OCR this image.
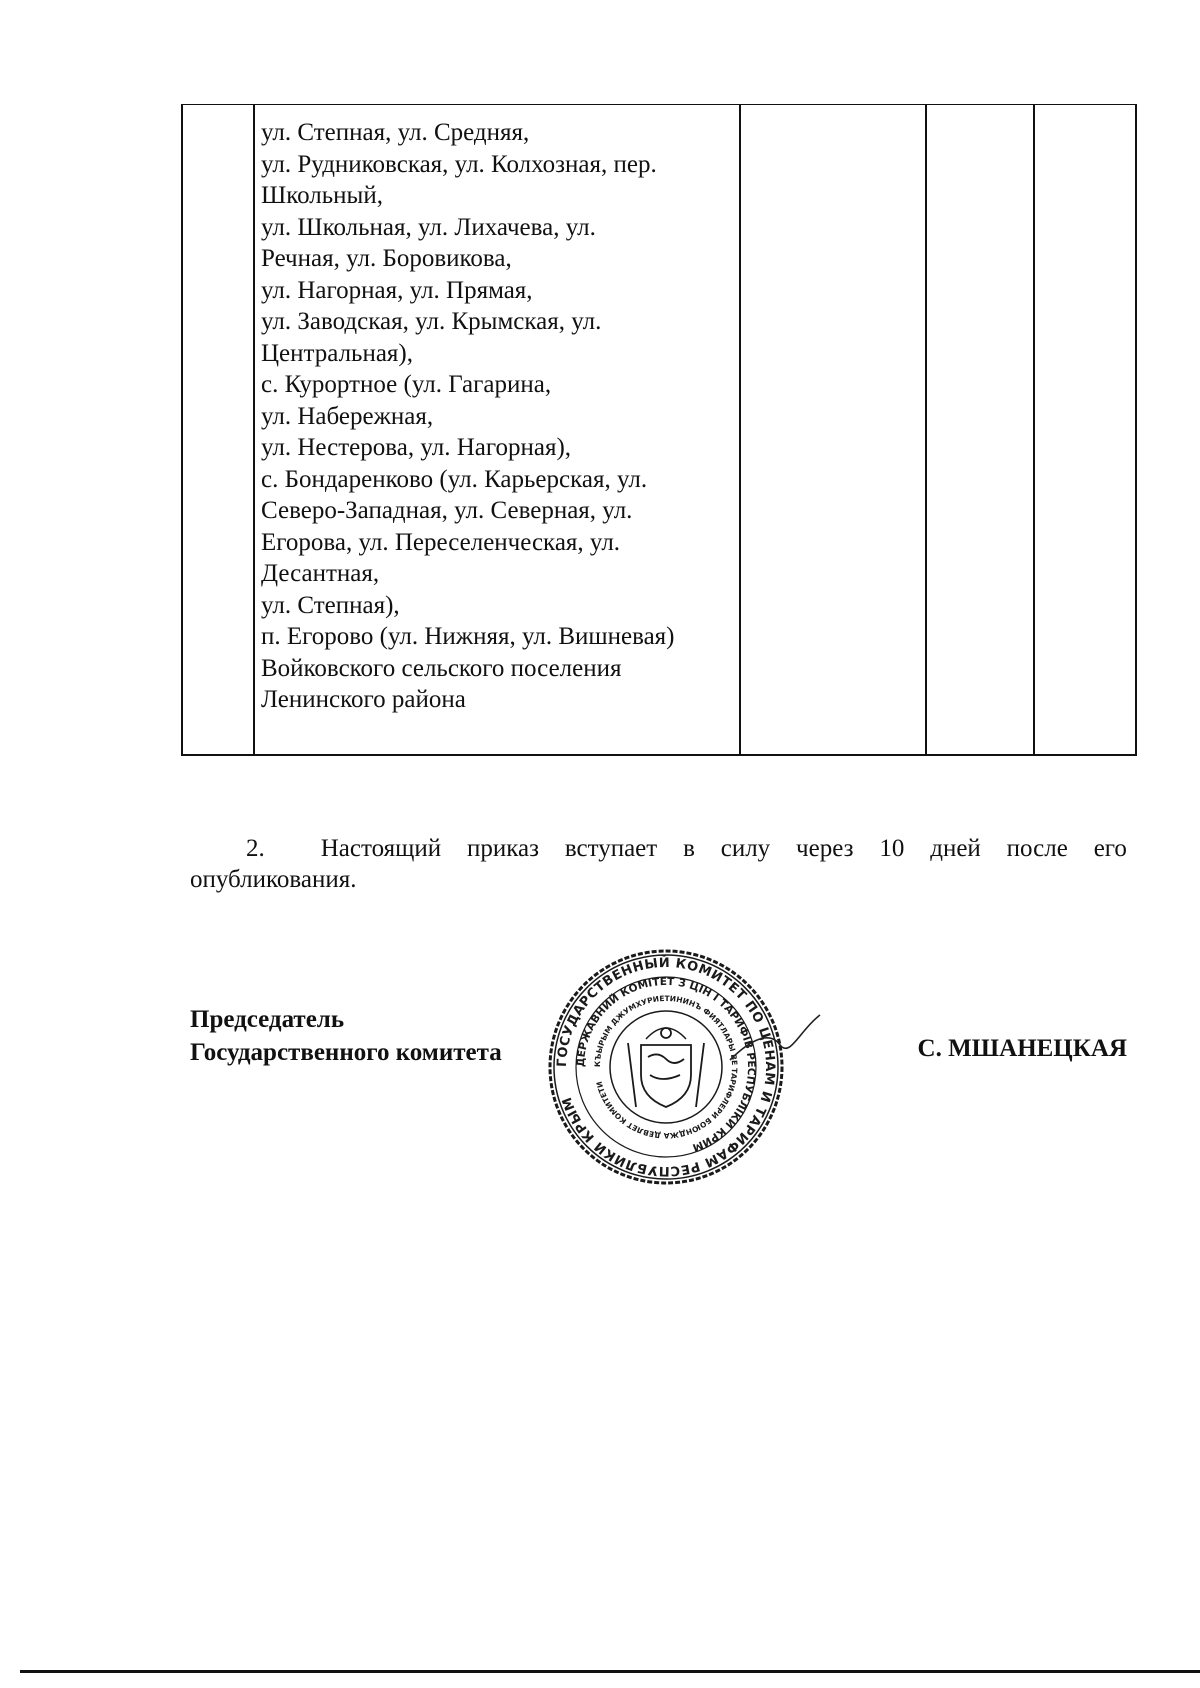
ул. Степная, ул. Средняя,
ул. Рудниковская, ул. Колхозная, пер.
Школьный,
ул. Школьная, ул. Лихачева, ул.
Речная, ул. Боровикова,
ул. Нагорная, ул. Прямая,
ул. Заводская, ул. Крымская, ул.
Центральная),
с. Курортное (ул. Гагарина,
ул. Набережная,
ул. Нестерова, ул. Нагорная),
с. Бондаренково (ул. Карьерская, ул.
Северо-Западная, ул. Северная, ул.
Егорова, ул. Переселенческая, ул.
Десантная,
ул. Степная),
п. Егорово (ул. Нижняя, ул. Вишневая)
Войковского сельского поселения
Ленинского района

2. Настоящий приказ вступает в силу через 10 дней после его
опубликования.
Председатель
Государственного комитета	ГОСУДАРСТВЕННЫЙ КОМИТЕТ ПО ЦЕНАМ И ТАРИФАМ РЕСПУБЛИКИ КРЫМ
ДЕРЖАВНИЙ КОМІТЕТ З ЦІН І ТАРИФІВ РЕСПУБЛІКИ КРИМ
КЪЫРЫМ ДЖУМХУРИЕТИНИНЪ ФИЯТЛАРЫ ВЕ ТАРИФЛЕРИ БОЮНДЖА ДЕВЛЕТ КОМИТЕТИ
С. МШАНЕЦКАЯ
